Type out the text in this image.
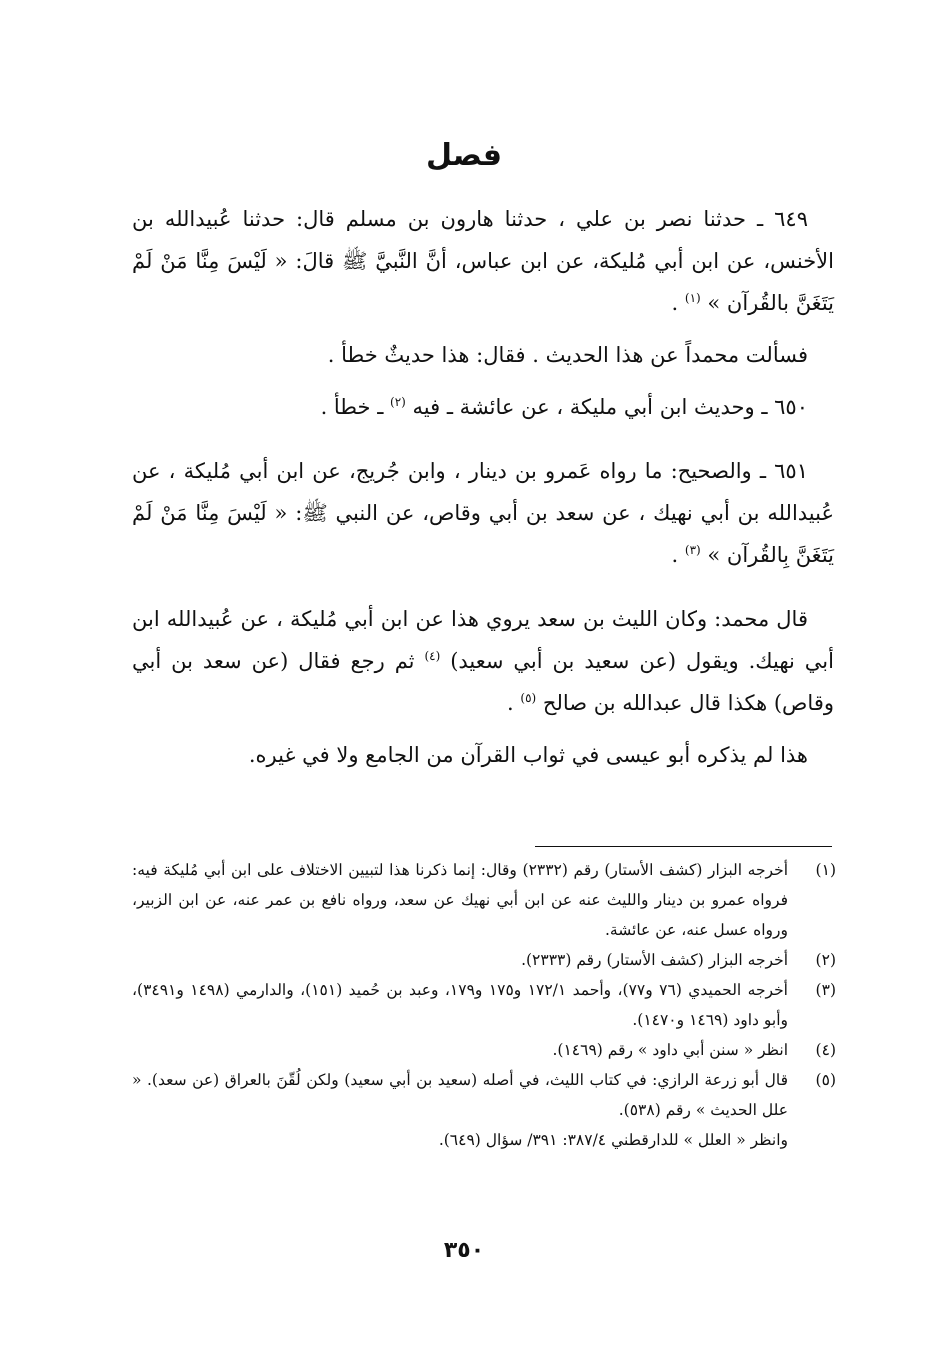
فصل

٦٤٩ ـ حدثنا نصر بن علي ، حدثنا هارون بن مسلم قال: حدثنا عُبيدالله بن الأخنس، عن ابن أبي مُليكة، عن ابن عباس، أنَّ النَّبيَّ ﷺ قالَ: « لَيْسَ مِنَّا مَنْ لَمْ يَتَغَنَّ بالقُرآن » $^{(١)}$ .

فسألت محمداً عن هذا الحديث . فقال: هذا حديثٌ خطأ .

٦٥٠ ـ وحديث ابن أبي مليكة ، عن عائشة ـ فيه $^{(٢)}$ ـ خطأ .

٦٥١ ـ والصحيح: ما رواه عَمرو بن دينار ، وابن جُريج، عن ابن أبي مُليكة ، عن عُبيدالله بن أبي نهيك ، عن سعد بن أبي وقاص، عن النبي ﷺ: « لَيْسَ مِنَّا مَنْ لَمْ يَتَغَنَّ بِالقُرآن » $^{(٣)}$ .

قال محمد: وكان الليث بن سعد يروي هذا عن ابن أبي مُليكة ، عن عُبيدالله ابن أبي نهيك. ويقول (عن سعيد بن أبي سعيد) $^{(٤)}$ ثم رجع فقال (عن سعد بن أبي وقاص) هكذا قال عبدالله بن صالح $^{(٥)}$ .

هذا لم يذكره أبو عيسى في ثواب القرآن من الجامع ولا في غيره.

(١)
أخرجه البزار (كشف الأستار) رقم (٢٣٣٢) وقال: إنما ذكرنا هذا لتبيين الاختلاف على ابن أبي مُليكة فيه: فرواه عمرو بن دينار والليث عنه عن ابن أبي نهيك عن سعد، ورواه نافع بن عمر عنه، عن ابن الزبير، ورواه عسل عنه، عن عائشة.
(٢)
أخرجه البزار (كشف الأستار) رقم (٢٣٣٣).
(٣)
أخرجه الحميدي (٧٦ و٧٧)، وأحمد ١٧٢/١ و١٧٥ و١٧٩، وعبد بن حُميد (١٥١)، والدارمي (١٤٩٨ و٣٤٩١)، وأبو داود (١٤٦٩ و١٤٧٠).
(٤)
انظر « سنن أبي داود » رقم (١٤٦٩).
(٥)
قال أبو زرعة الرازي: في كتاب الليث، في أصله (سعيد بن أبي سعيد) ولكن لُقّنَ بالعراق (عن سعد). « علل الحديث » رقم (٥٣٨).
وانظر « العلل » للدارقطني ٣٨٧/٤: ٣٩١/ سؤال (٦٤٩).
٣٥٠
